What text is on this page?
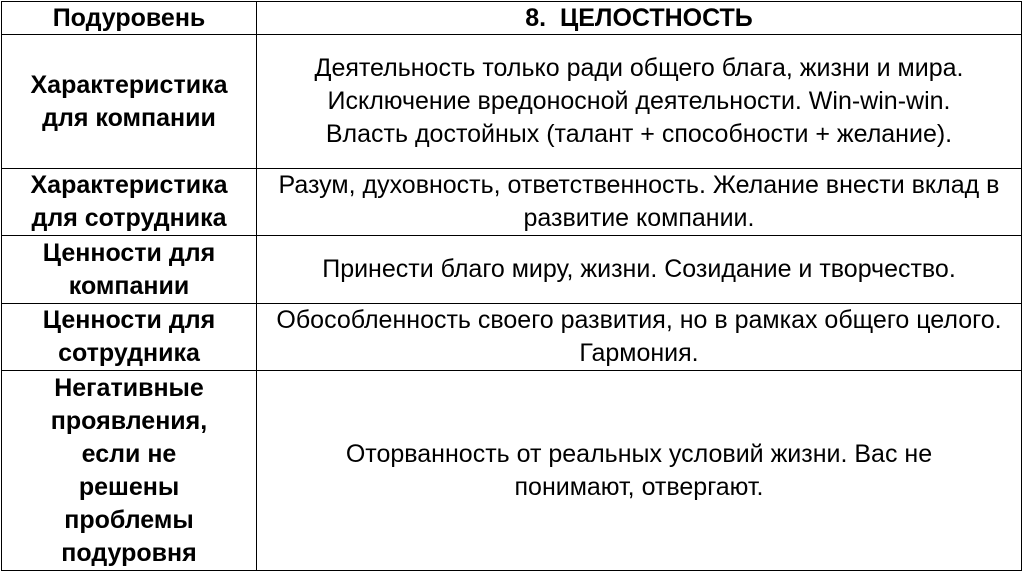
Подуровень	8.  ЦЕЛОСТНОСТЬ
Характеристика для компании	Деятельность только ради общего блага, жизни и мира. Исключение вредоносной деятельности. Win-win-win. Власть достойных (талант + способности + желание).
Характеристика для сотрудника	Разум, духовность, ответственность. Желание внести вклад в развитие компании.
Ценности для компании	Принести благо миру, жизни. Созидание и творчество.
Ценности для сотрудника	Обособленность своего развития, но в рамках общего целого. Гармония.
Негативные проявления, если не решены проблемы подуровня	Оторванность от реальных условий жизни. Вас не понимают, отвергают.
